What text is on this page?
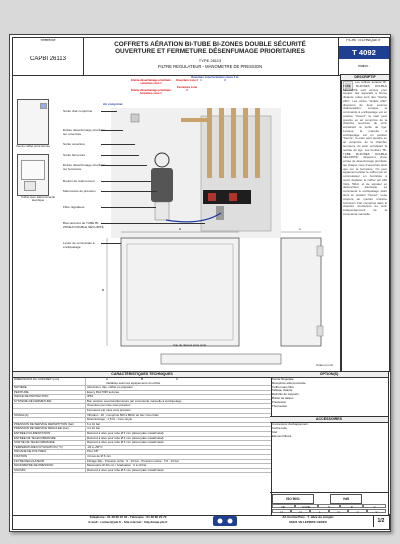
Référence
CAPBI 26113
COFFRETS AÉRATION BI-TUBE BI-ZONES DOUBLE SÉCURITÉ
OUVERTURE ET FERMETURE DÉSENFUMAGE PRIORITAIRES
TYPE 26113
FILTRE RÉGULATEUR - MANOMÈTRE DE PRESSION
FICHE TECHNIQUE n°
T 4092
édition :
Vue du coffret porte fermée
Coffret avec télécommande électrique
Entrée désenfumage prioritaire ouverture zone 1
Entrée désenfumage prioritaire fermeture zone 1
Ouverture zone 2
Fermeture zone 2
Ouverture zone 1
Fermeture zones 1 et 2
Air comprimé
Sortie d'air comprimé
Entrée désenfumage prioritaire sur ouverture
Sortie ouverture
Sortie fermeture
Entrée désenfumage prioritaire sur fermeture
Bouton de réarmement
Manomètre de pression
Filtre régulateur
Bloc-témoins de TUBE BI-ZONES DOUBLE SÉCURITÉ
Levier de commande à encliquetage
A
B
C
Vue de dessus sans porte
Cotes en mm
DESCRIPTIF
Les coffrets aération BI-TUBE BI-ZONES DOUBLE SÉCURITÉ sont conçus pour équiper des appareils à bonne distance reliés sont des "double effet". Les vérins "double effet" disposent de deux sources d'alimentation. Lorsque la commande à encliquetage est en position "Ouvert", la main peut prendre en air comprimé de la chambre ouverture du vérin entraînant la sortie de tige. Lorsque la manette à encliquetage est en position "Fermé", la main peut prendre en air comprimé de la chambre fermeture du vérin entraînant la rentrée de tige. Les boutiers "BI-TUBE BI-ZONES DOUBLE SÉCURITÉ" disposent d'une entrée de désenfumage prioritaire qui chaque zone d'ouverture ainsi que sur la fermeture. On peut également piloter le coffret par un commutateur en fourniture à ouvrir déplacer le coffret par 230 Volts, 50Hz, et de signaler un déclencheur électrique. La commande à encliquetage étant alors en position "Ouvert", toute coupure de courant entraîne l'émission d'air comprimé dans la chambre d'ouverture du vérin indépendamment de la commande manuelle.
CARACTÉRISTIQUES TECHNIQUES
DIMENSIONS DU COFFRET (mm)	A	B	C
Variables selon les équipements du coffret
MATIÈRE	Aluminium, tôle, coffret en polyester
PEINTURE	Epoxy RAL7035 texturée
INDICE DE PROTECTION	IP54
SYSTÈME DE FERMETURE	Bon position ouverture/fermeture par commande manuelle à encliquetage
Ouverture par mise sous pression
Fermeture par mise sous pression
SIGNAL(A)	Vibration : 20 ; comprimé 500 à 800L/ air bec zone fuide
Désenfumage : 1,5 l/s ; zone vinyle
PRESSION DE SERVICE RÉPARTITION (bar)	6 à 10 bar
PRESSION DE SERVICE RÉGULÉE (bar)	4 à 10 bar
ENTRÉE D'ALIMENTATION	Raccord à olive pour tube Ø 6 mm (désoxydée métal/métal)
ENTRÉE DE TÉLÉCOMMANDE	Raccord à olive pour tube Ø 6 mm (désoxydée métal/métal)
SORTIE DE TÉLÉCOMMANDE	Raccord à olive pour tube Ø 6 mm (désoxydée métal/métal)
TEMPÉRATURE D'UTILISATION (°C)	-20 à +50°C
ORGANE DE POLYMEO	Pilot 1/8"
FIXATION	4 trous de Ø 6 mm
FILTRE RÉGULATEUR	Filtrage 20µ - Pression sortie : 0 - 10 bar - Pression entrée : 0.5 - 12 bar
MANOMÈTRE DE PRESSION	Manomètre Ø 40 mm / Graduation : 0 à 10 bar
SOUMIS	Raccord à olive pour tube Ø 6 mm (désoxydée métal/métal)
OPTION(S)
Sonde filoguidée
Réceptrice télécommande
Coffret sans filtre
Tableau d'alerte
Rétrofits de supports
Boîtier de liaison
Pressostat
Thermostat
ACCESSOIRES
Connexions d'échappement
Cache-tube
Clef
Element filtrant
ISO 9001	VdS
NF	LIGNE	S	R	V
N	N	1	N	V	V
Téléphone : 01 48 60 15 02 - Télécopie : 01 48 60 20 70
E-mail : contact@pfc.fr - Site internet : http://www.pfc.fr
ZA Central Parc - 7, allée du Jongler
93421 VILLEPINTE CEDEX	1/2
